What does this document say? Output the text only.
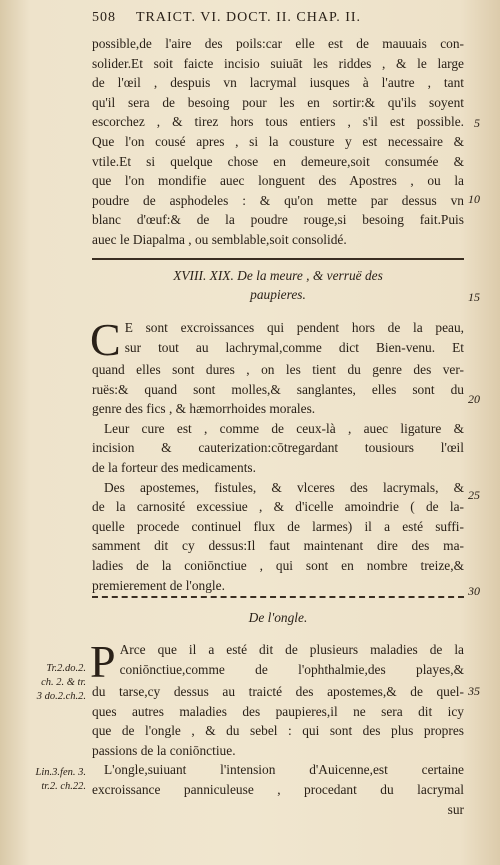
508 TRAICT. VI. DOCT. II. CHAP. II.
possible,de l'aire des poils:car elle est de mauuais con-
solider.Et soit faicte incisio suiuāt les riddes , & le large
de l'œil , despuis vn lacrymal iusques à l'autre , tant
qu'il sera de besoing pour les en sortir:& qu'ils soyent
escorchez , & tirez hors tous entiers , s'il est possible.
Que l'on cousé apres , si la cousture y est necessaire &
vtile.Et si quelque chose en demeure,soit consumée &
que l'on mondifie auec longuent des Apostres , ou la
poudre de asphodeles : & qu'on mette par dessus vn
blanc d'œuf:& de la poudre rouge,si besoing fait.Puis
auec le Diapalma , ou semblable,soit consolidé.
XVIII. XIX. De la meure , & verruë des
paupieres.
C E sont excroissances qui pendent hors de la peau,
sur tout au lachrymal,comme dict Bien-venu. Et
quand elles sont dures , on les tient du genre des ver-
ruës:& quand sont molles,& sanglantes, elles sont du
genre des fics , & hæmorrhoides morales.
Leur cure est , comme de ceux-là , auec ligature &
incision & cauterization:cōtregardant tousiours l'œil
de la forteur des medicaments.
Des apostemes, fistules, & vlceres des lacrymals, &
de la carnosité excessiue , & d'icelle amoindrie ( de la-
quelle procede continuel flux de larmes) il a esté suffi-
samment dit cy dessus:Il faut maintenant dire des ma-
ladies de la coniōnctiue , qui sont en nombre treize,&
premierement de l'ongle.
De l'ongle.
P Arce que il a esté dit de plusieurs maladies de la
coniōnctiue,comme de l'ophthalmie,des playes,&
du tarse,cy dessus au traicté des apostemes,& de quel-
ques autres maladies des paupieres,il ne sera dit icy
que de l'ongle , & du sebel : qui sont des plus propres
passions de la coniōnctiue.
L'ongle,suiuant l'intension d'Auicenne,est certaine
excroissance panniculeuse , procedant du lacrymal
sur
Tr.2.do.2.
ch. 2. & tr.
3 do.2.ch.2.
Lin.3.fen. 3.
tr.2. ch.22.
5
10
15
20
25
30
35
